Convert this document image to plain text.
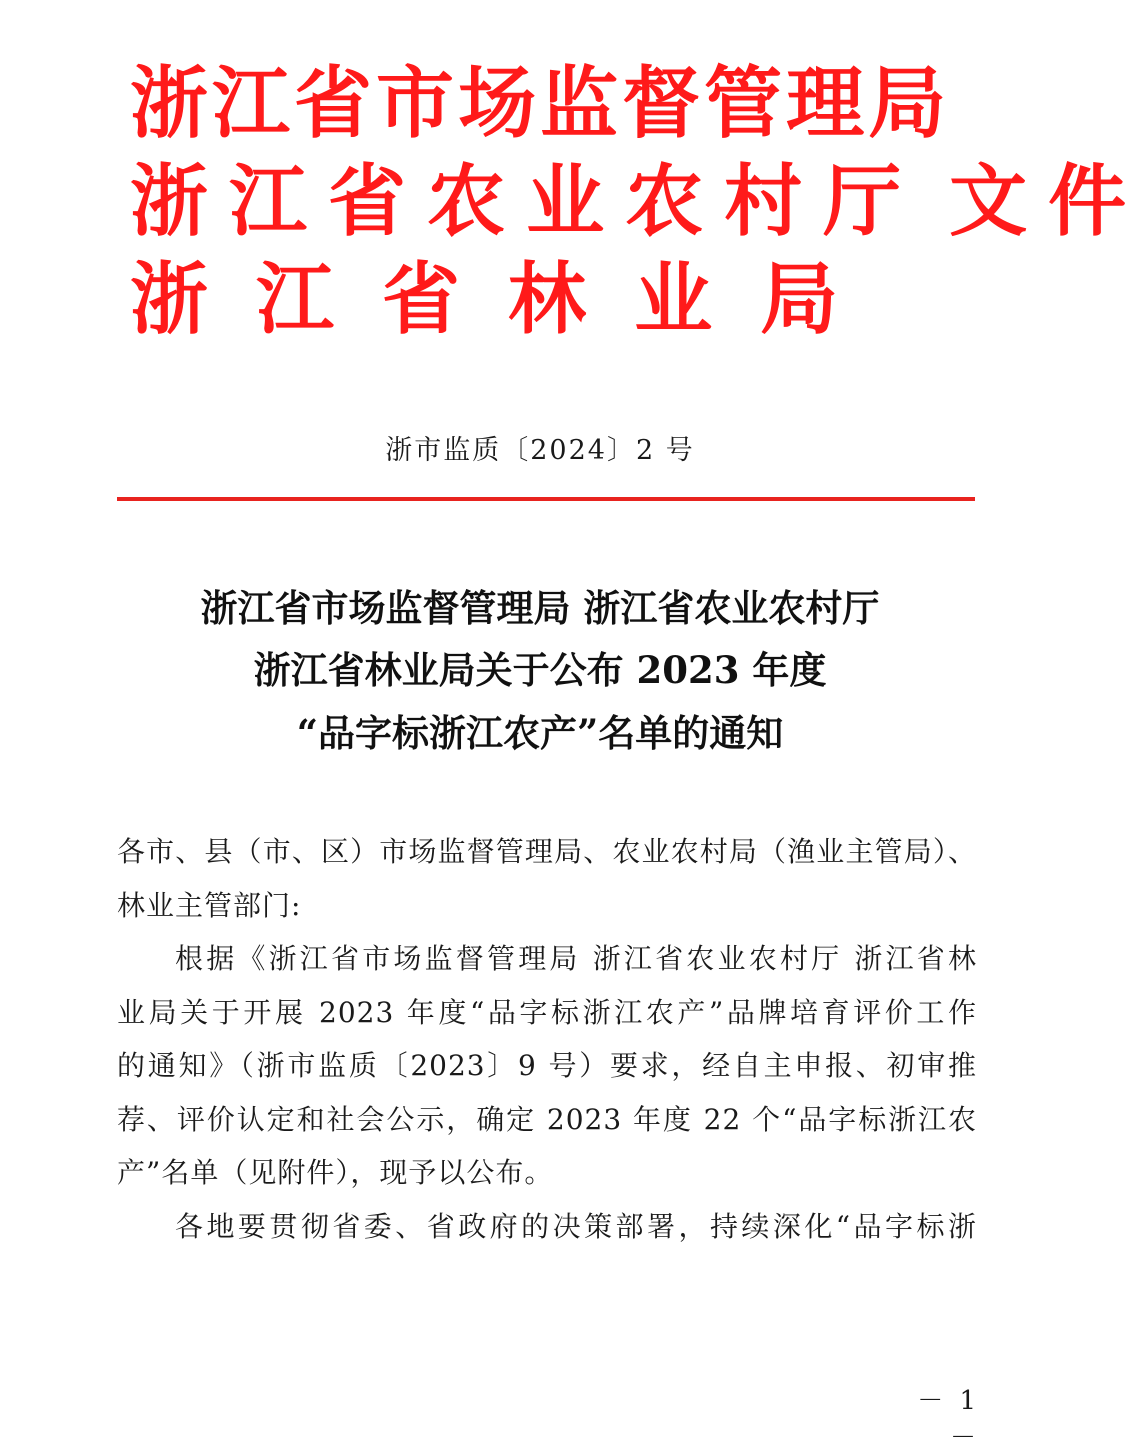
浙江省市场监督管理局
浙 江 省 农 业 农 村 厅 文 件
浙 江 省 林 业 局
浙市监质〔2024〕2 号
浙江省市场监督管理局 浙江省农业农村厅
浙江省林业局关于公布 2023 年度
“品字标浙江农产”名单的通知

各市、县（市、区）市场监督管理局、农业农村局（渔业主管局）、

林业主管部门:

根据《浙江省市场监督管理局 浙江省农业农村厅 浙江省林

业局关于开展 2023 年度“品字标浙江农产”品牌培育评价工作

的通知》（浙市监质〔2023〕9 号）要求，经自主申报、初审推

荐、评价认定和社会公示，确定 2023 年度 22 个“品字标浙江农

产”名单（见附件），现予以公布。

各地要贯彻省委、省政府的决策部署，持续深化“品字标浙

－ 1 －
